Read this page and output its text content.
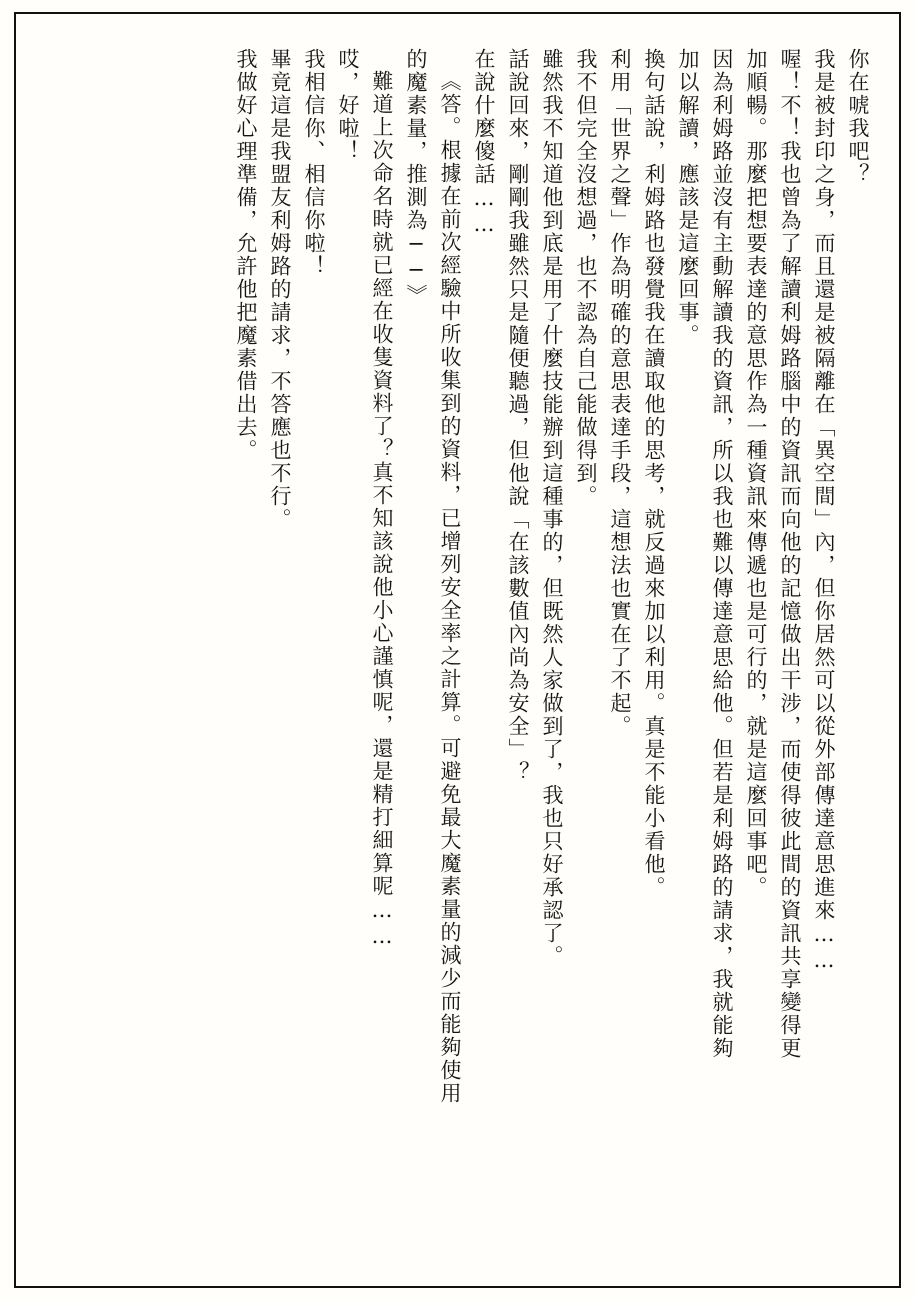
你在唬我吧？
我是被封印之身，而且還是被隔離在「異空間」內，但你居然可以從外部傳達意思進來……
喔！不！我也曾為了解讀利姆路腦中的資訊而向他的記憶做出干涉，而使得彼此間的資訊共享變得更
加順暢。那麼把想要表達的意思作為一種資訊來傳遞也是可行的，就是這麼回事吧。
因為利姆路並沒有主動解讀我的資訊，所以我也難以傳達意思給他。但若是利姆路的請求，我就能夠
加以解讀，應該是這麼回事。
換句話說，利姆路也發覺我在讀取他的思考，就反過來加以利用。真是不能小看他。
利用「世界之聲」作為明確的意思表達手段，這想法也實在了不起。
我不但完全沒想過，也不認為自己能做得到。
雖然我不知道他到底是用了什麼技能辦到這種事的，但既然人家做到了，我也只好承認了。
話說回來，剛剛我雖然只是隨便聽過，但他說「在該數值內尚為安全」？
在說什麼傻話……
《答。根據在前次經驗中所收集到的資料，已增列安全率之計算。可避免最大魔素量的減少而能夠使用
的魔素量，推測為──》
難道上次命名時就已經在收隻資料了？真不知該說他小心謹慎呢，還是精打細算呢……
哎，好啦！
我相信你、相信你啦！
畢竟這是我盟友利姆路的請求，不答應也不行。
我做好心理準備，允許他把魔素借出去。
